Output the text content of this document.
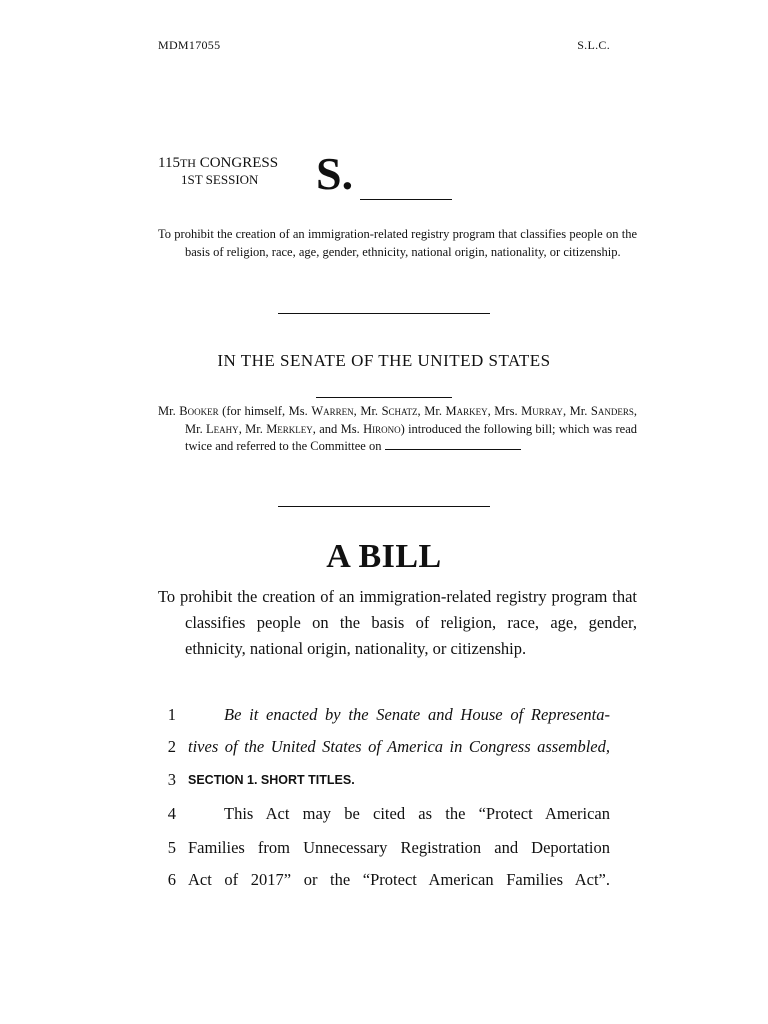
MDM17055	S.L.C.
115TH CONGRESS
1ST SESSION S.
To prohibit the creation of an immigration-related registry program that classifies people on the basis of religion, race, age, gender, ethnicity, national origin, nationality, or citizenship.
IN THE SENATE OF THE UNITED STATES
Mr. Booker (for himself, Ms. Warren, Mr. Schatz, Mr. Markey, Mrs. Murray, Mr. Sanders, Mr. Leahy, Mr. Merkley, and Ms. Hirono) introduced the following bill; which was read twice and referred to the Committee on
A BILL
To prohibit the creation of an immigration-related registry program that classifies people on the basis of religion, race, age, gender, ethnicity, national origin, nationality, or citizenship.
1	Be it enacted by the Senate and House of Representa-
2 tives of the United States of America in Congress assembled,
3 SECTION 1. SHORT TITLES.
4	This Act may be cited as the “Protect American
5 Families from Unnecessary Registration and Deportation
6 Act of 2017” or the “Protect American Families Act”.
